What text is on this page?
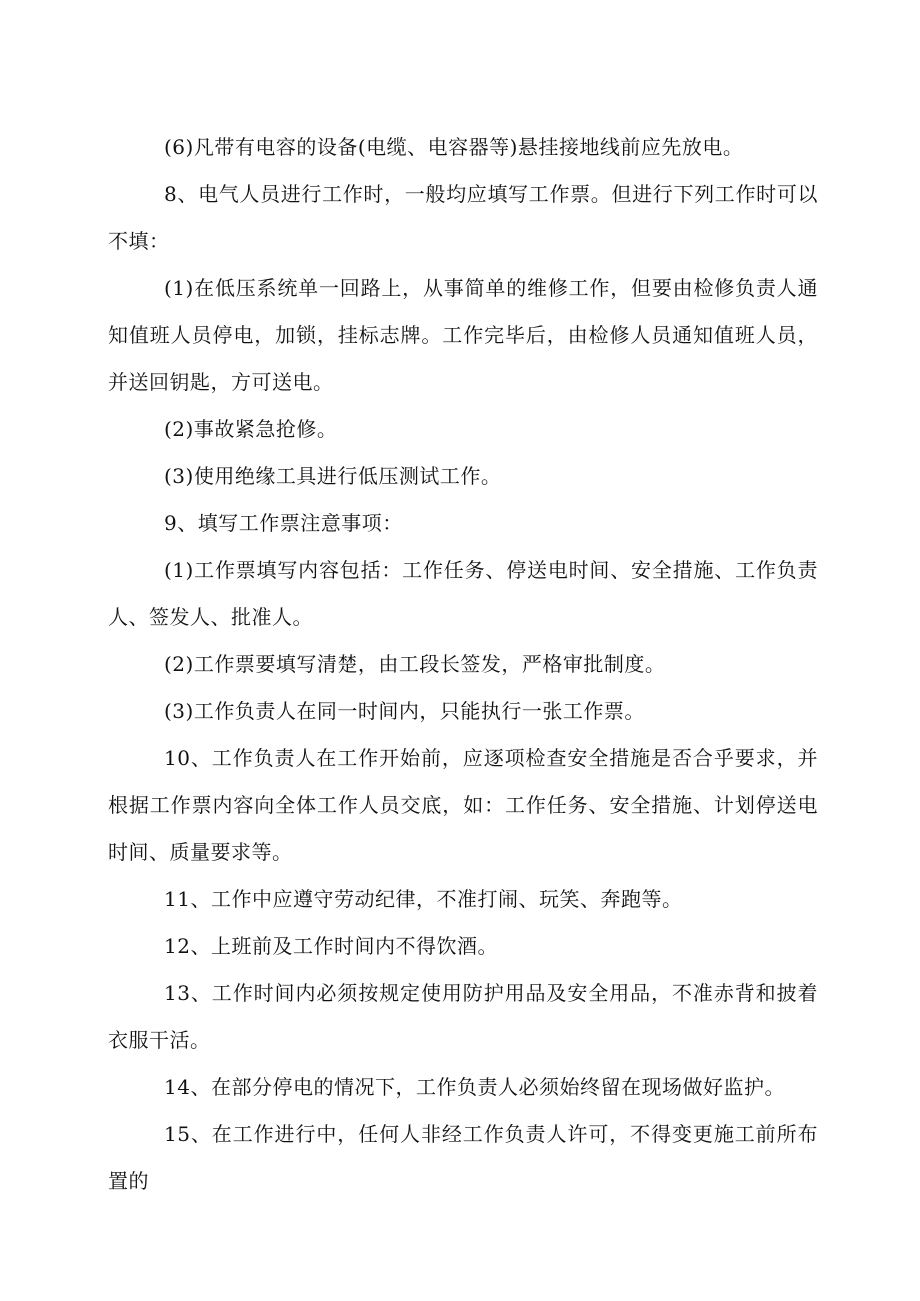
(6)凡带有电容的设备(电缆、电容器等)悬挂接地线前应先放电。

8、电气人员进行工作时，一般均应填写工作票。但进行下列工作时可以不填：

(1)在低压系统单一回路上，从事简单的维修工作，但要由检修负责人通知值班人员停电，加锁，挂标志牌。工作完毕后，由检修人员通知值班人员，并送回钥匙，方可送电。

(2)事故紧急抢修。

(3)使用绝缘工具进行低压测试工作。

9、填写工作票注意事项：

(1)工作票填写内容包括：工作任务、停送电时间、安全措施、工作负责人、签发人、批准人。

(2)工作票要填写清楚，由工段长签发，严格审批制度。

(3)工作负责人在同一时间内，只能执行一张工作票。

10、工作负责人在工作开始前，应逐项检查安全措施是否合乎要求，并根据工作票内容向全体工作人员交底，如：工作任务、安全措施、计划停送电时间、质量要求等。

11、工作中应遵守劳动纪律，不准打闹、玩笑、奔跑等。

12、上班前及工作时间内不得饮酒。

13、工作时间内必须按规定使用防护用品及安全用品，不准赤背和披着衣服干活。

14、在部分停电的情况下，工作负责人必须始终留在现场做好监护。

15、在工作进行中，任何人非经工作负责人许可，不得变更施工前所布置的
